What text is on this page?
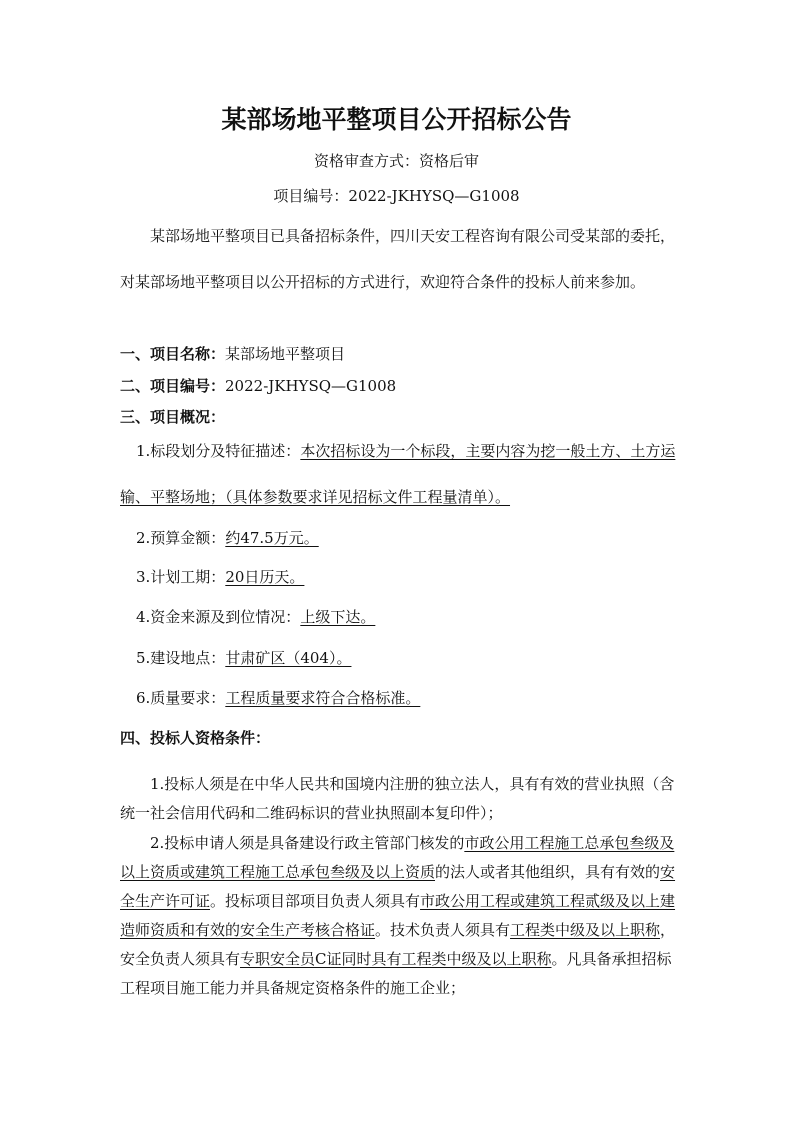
某部场地平整项目公开招标公告
资格审查方式：资格后审
项目编号：2022-JKHYSQ—G1008

某部场地平整项目已具备招标条件，四川天安工程咨询有限公司受某部的委托，对某部场地平整项目以公开招标的方式进行，欢迎符合条件的投标人前来参加。

一、项目名称：某部场地平整项目
二、项目编号：2022-JKHYSQ—G1008
三、项目概况：

1.标段划分及特征描述：本次招标设为一个标段，主要内容为挖一般土方、土方运输、平整场地；（具体参数要求详见招标文件工程量清单）。

2.预算金额：约47.5万元。
3.计划工期：20日历天。
4.资金来源及到位情况：上级下达。
5.建设地点：甘肃矿区（404）。
6.质量要求：工程质量要求符合合格标准。
四、投标人资格条件：

1.投标人须是在中华人民共和国境内注册的独立法人，具有有效的营业执照（含统一社会信用代码和二维码标识的营业执照副本复印件）；

2.投标申请人须是具备建设行政主管部门核发的市政公用工程施工总承包叁级及以上资质或建筑工程施工总承包叁级及以上资质的法人或者其他组织，具有有效的安全生产许可证。投标项目部项目负责人须具有市政公用工程或建筑工程贰级及以上建造师资质和有效的安全生产考核合格证。技术负责人须具有工程类中级及以上职称，安全负责人须具有专职安全员C证同时具有工程类中级及以上职称。凡具备承担招标工程项目施工能力并具备规定资格条件的施工企业；
